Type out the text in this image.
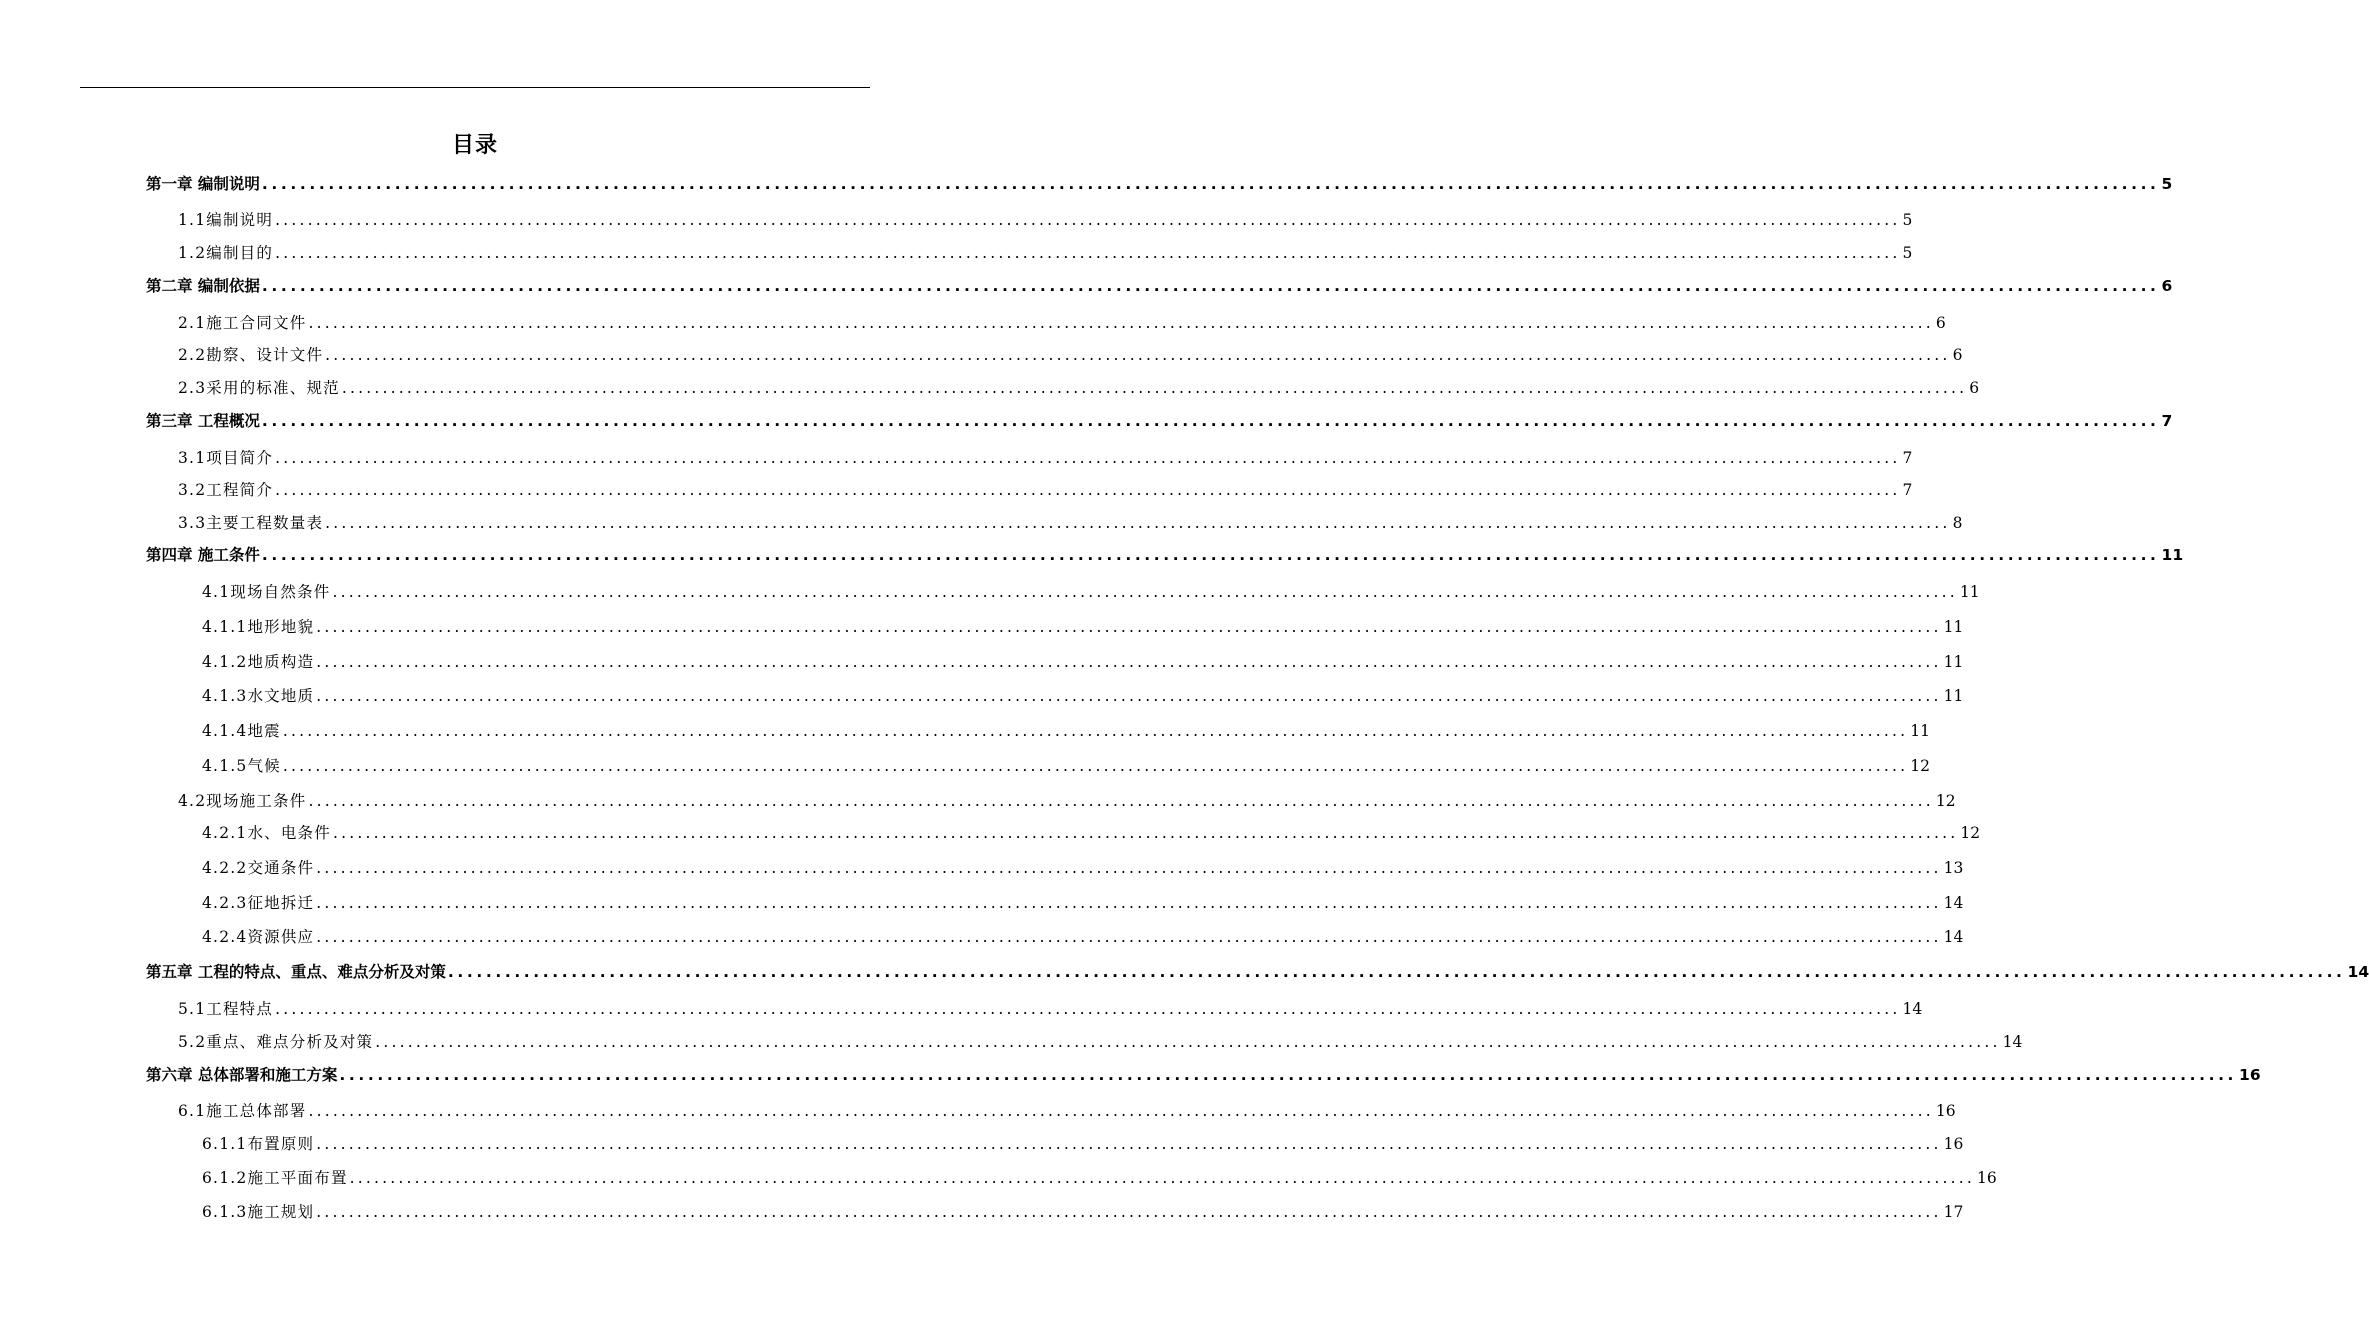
目录
第一章 编制说明 ........................................................................................................................................................................................................ 5
1.1编制说明 ........................................................................................................................................................................................................ 5
1.2编制目的 ........................................................................................................................................................................................................ 5
第二章 编制依据 ........................................................................................................................................................................................................ 6
2.1施工合同文件 ........................................................................................................................................................................................................ 6
2.2勘察、设计文件 ........................................................................................................................................................................................................ 6
2.3采用的标准、规范 ........................................................................................................................................................................................................ 6
第三章 工程概况 ........................................................................................................................................................................................................ 7
3.1项目简介 ........................................................................................................................................................................................................ 7
3.2工程简介 ........................................................................................................................................................................................................ 7
3.3主要工程数量表 ........................................................................................................................................................................................................ 8
第四章 施工条件 ........................................................................................................................................................................................................ 11
4.1现场自然条件 ........................................................................................................................................................................................................ 11
4.1.1地形地貌 ........................................................................................................................................................................................................ 11
4.1.2地质构造 ........................................................................................................................................................................................................ 11
4.1.3水文地质 ........................................................................................................................................................................................................ 11
4.1.4地震 ........................................................................................................................................................................................................ 11
4.1.5气候 ........................................................................................................................................................................................................ 12
4.2现场施工条件 ........................................................................................................................................................................................................ 12
4.2.1水、电条件 ........................................................................................................................................................................................................ 12
4.2.2交通条件 ........................................................................................................................................................................................................ 13
4.2.3征地拆迁 ........................................................................................................................................................................................................ 14
4.2.4资源供应 ........................................................................................................................................................................................................ 14
第五章 工程的特点、重点、难点分析及对策 ........................................................................................................................................................................................................ 14
5.1工程特点 ........................................................................................................................................................................................................ 14
5.2重点、难点分析及对策 ........................................................................................................................................................................................................ 14
第六章 总体部署和施工方案 ........................................................................................................................................................................................................ 16
6.1施工总体部署 ........................................................................................................................................................................................................ 16
6.1.1布置原则 ........................................................................................................................................................................................................ 16
6.1.2施工平面布置 ........................................................................................................................................................................................................ 16
6.1.3施工规划 ........................................................................................................................................................................................................ 17
